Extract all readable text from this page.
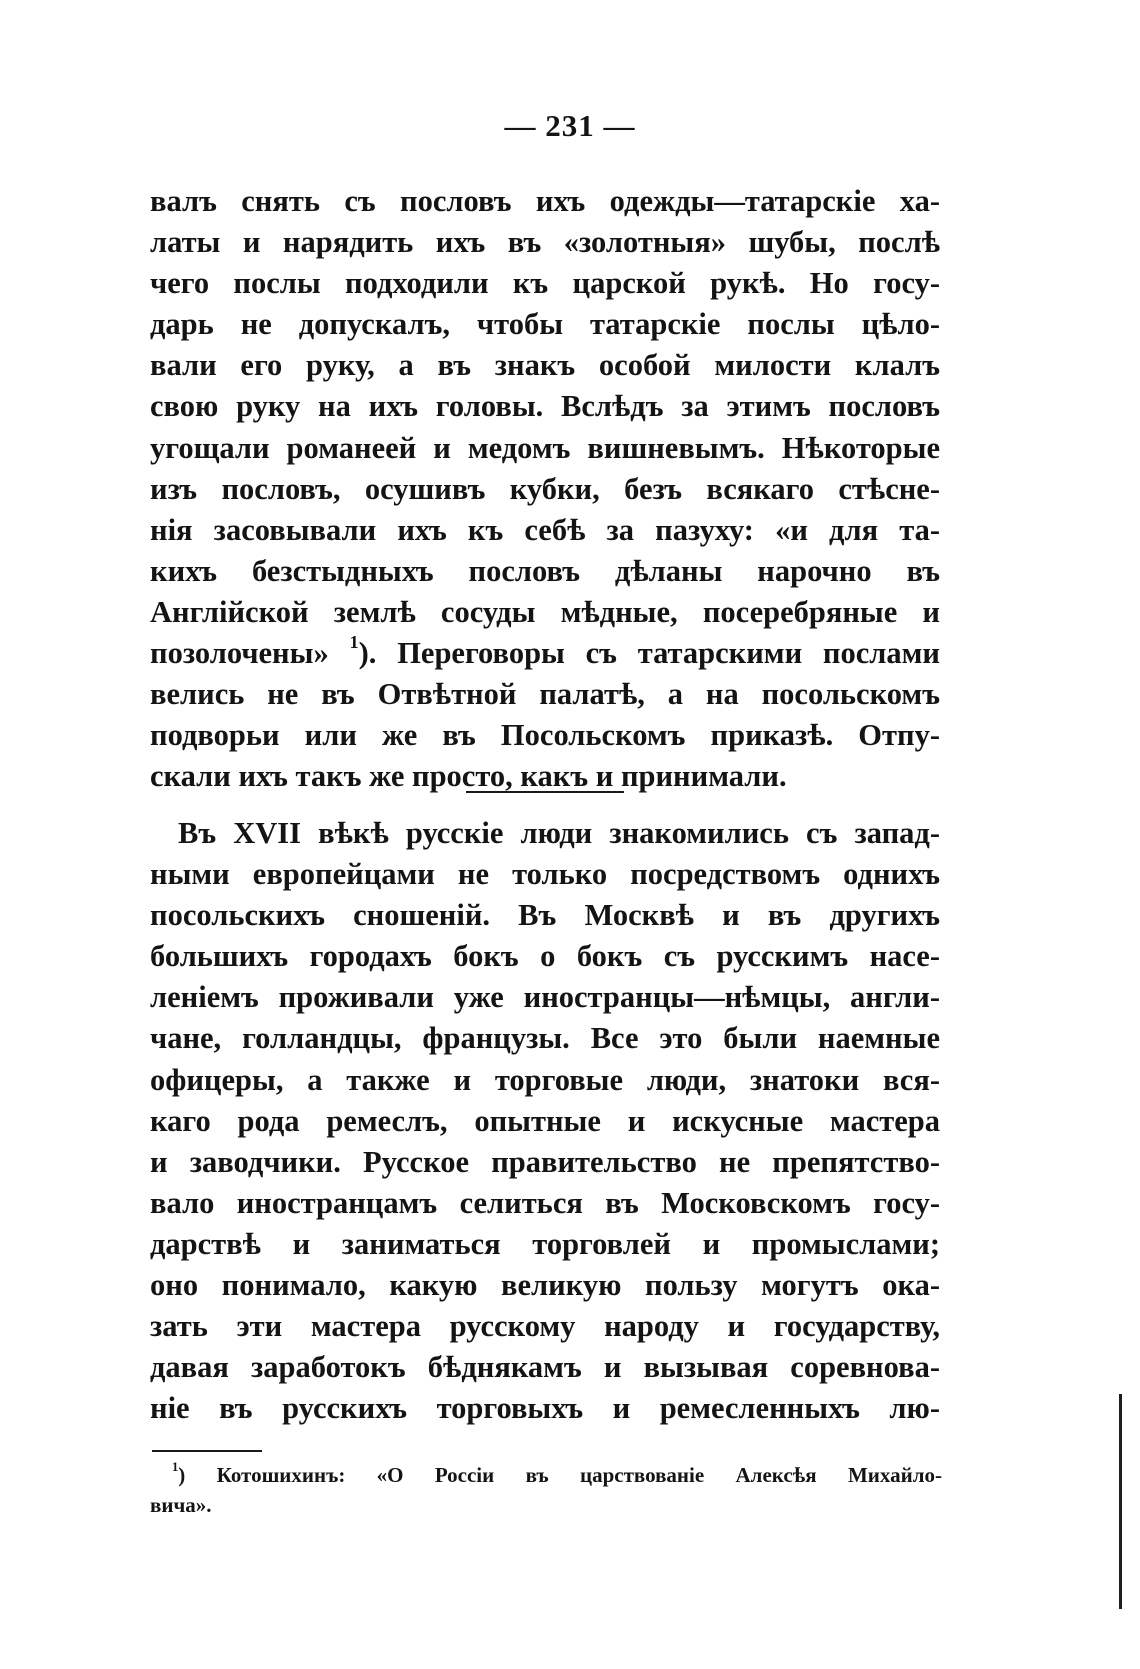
— 231 —
валъ снять съ пословъ ихъ одежды—татарскіе ха-
латы и нарядить ихъ въ «золотныя» шубы, послѣ
чего послы подходили къ царской рукѣ. Но госу-
дарь не допускалъ, чтобы татарскіе послы цѣло-
вали его руку, а въ знакъ особой милости клалъ
свою руку на ихъ головы. Вслѣдъ за этимъ пословъ
угощали романеей и медомъ вишневымъ. Нѣкоторые
изъ пословъ, осушивъ кубки, безъ всякаго стѣсне-
нія засовывали ихъ къ себѣ за пазуху: «и для та-
кихъ безстыдныхъ пословъ дѣланы нарочно въ
Англійской землѣ сосуды мѣдные, посеребряные и
позолочены» $^1$). Переговоры съ татарскими послами
велись не въ Отвѣтной палатѣ, а на посольскомъ
подворьи или же въ Посольскомъ приказѣ. Отпу-
скали ихъ такъ же просто, какъ и принимали.
Въ XVII вѣкѣ русскіе люди знакомились съ запад-
ными европейцами не только посредствомъ однихъ
посольскихъ сношеній. Въ Москвѣ и въ другихъ
большихъ городахъ бокъ о бокъ съ русскимъ насе-
леніемъ проживали уже иностранцы—нѣмцы, англи-
чане, голландцы, французы. Все это были наемные
офицеры, а также и торговые люди, знатоки вся-
каго рода ремеслъ, опытные и искусные мастера
и заводчики. Русское правительство не препятство-
вало иностранцамъ селиться въ Московскомъ госу-
дарствѣ и заниматься торговлей и промыслами;
оно понимало, какую великую пользу могутъ ока-
зать эти мастера русскому народу и государству,
давая заработокъ бѣднякамъ и вызывая соревнова-
ніе въ русскихъ торговыхъ и ремесленныхъ лю-
$^1$) Котошихинъ: «О Россіи въ царствованіе Алексѣя Михайло-
вича».
